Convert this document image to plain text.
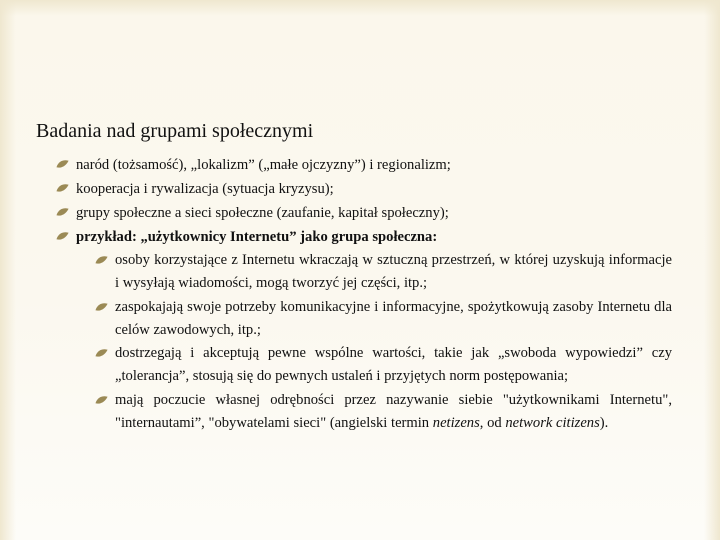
Badania nad grupami społecznymi
naród (tożsamość), „lokalizm” („małe ojczyzny”) i regionalizm;
kooperacja i rywalizacja (sytuacja kryzysu);
grupy społeczne a sieci społeczne (zaufanie, kapitał społeczny);
przykład: „użytkownicy Internetu” jako grupa społeczna:
osoby korzystające z Internetu wkraczają w sztuczną przestrzeń, w której uzyskują informacje i wysyłają wiadomości, mogą tworzyć jej części, itp.;
zaspokajają swoje potrzeby komunikacyjne i informacyjne, spożytkowują zasoby Internetu dla celów zawodowych, itp.;
dostrzegają i akceptują pewne wspólne wartości, takie jak „swoboda wypowiedzi” czy „tolerancja”, stosują się do pewnych ustaleń i przyjętych norm postępowania;
mają poczucie własnej odrębności przez nazywanie siebie "użytkownikami Internetu", "internautami”, "obywatelami sieci" (angielski termin netizens, od network citizens).
